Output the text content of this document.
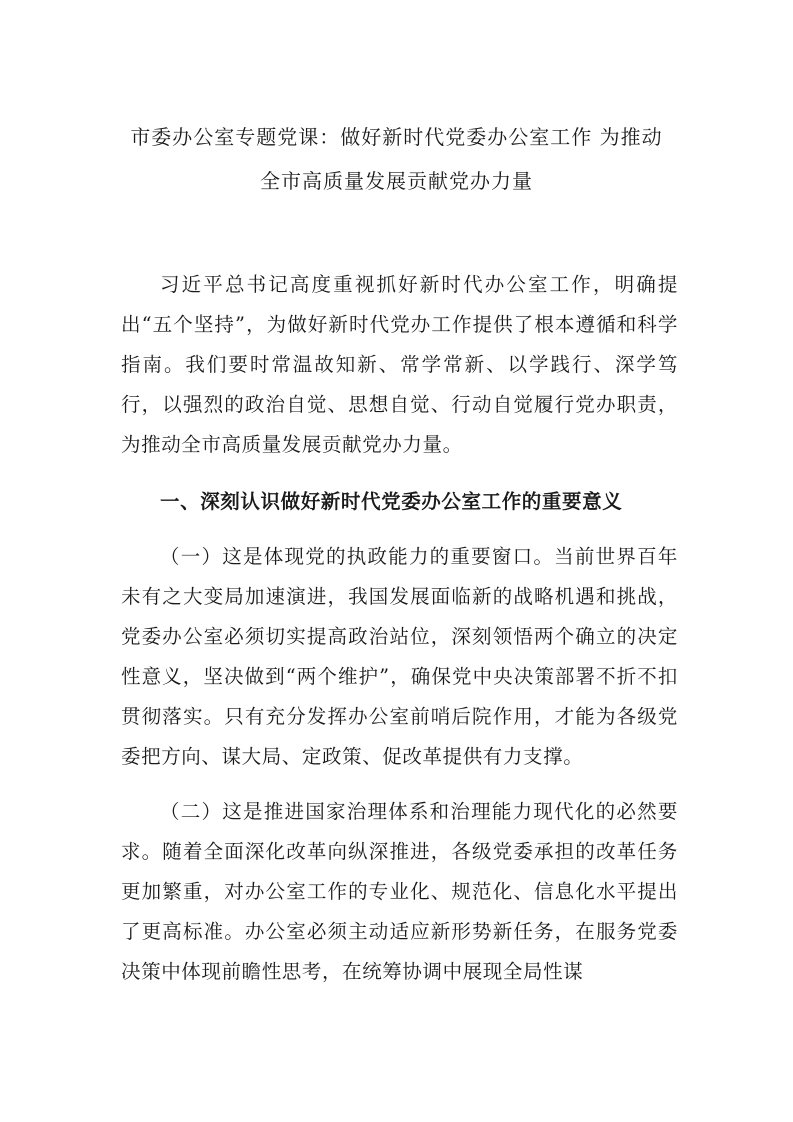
市委办公室专题党课：做好新时代党委办公室工作 为推动
全市高质量发展贡献党办力量

习近平总书记高度重视抓好新时代办公室工作，明确提出“五个坚持”，为做好新时代党办工作提供了根本遵循和科学指南。我们要时常温故知新、常学常新、以学践行、深学笃行，以强烈的政治自觉、思想自觉、行动自觉履行党办职责，为推动全市高质量发展贡献党办力量。

一、深刻认识做好新时代党委办公室工作的重要意义

（一）这是体现党的执政能力的重要窗口。当前世界百年未有之大变局加速演进，我国发展面临新的战略机遇和挑战，党委办公室必须切实提高政治站位，深刻领悟两个确立的决定性意义，坚决做到“两个维护”，确保党中央决策部署不折不扣贯彻落实。只有充分发挥办公室前哨后院作用，才能为各级党委把方向、谋大局、定政策、促改革提供有力支撑。

（二）这是推进国家治理体系和治理能力现代化的必然要求。随着全面深化改革向纵深推进，各级党委承担的改革任务更加繁重，对办公室工作的专业化、规范化、信息化水平提出了更高标准。办公室必须主动适应新形势新任务，在服务党委决策中体现前瞻性思考，在统筹协调中展现全局性谋
